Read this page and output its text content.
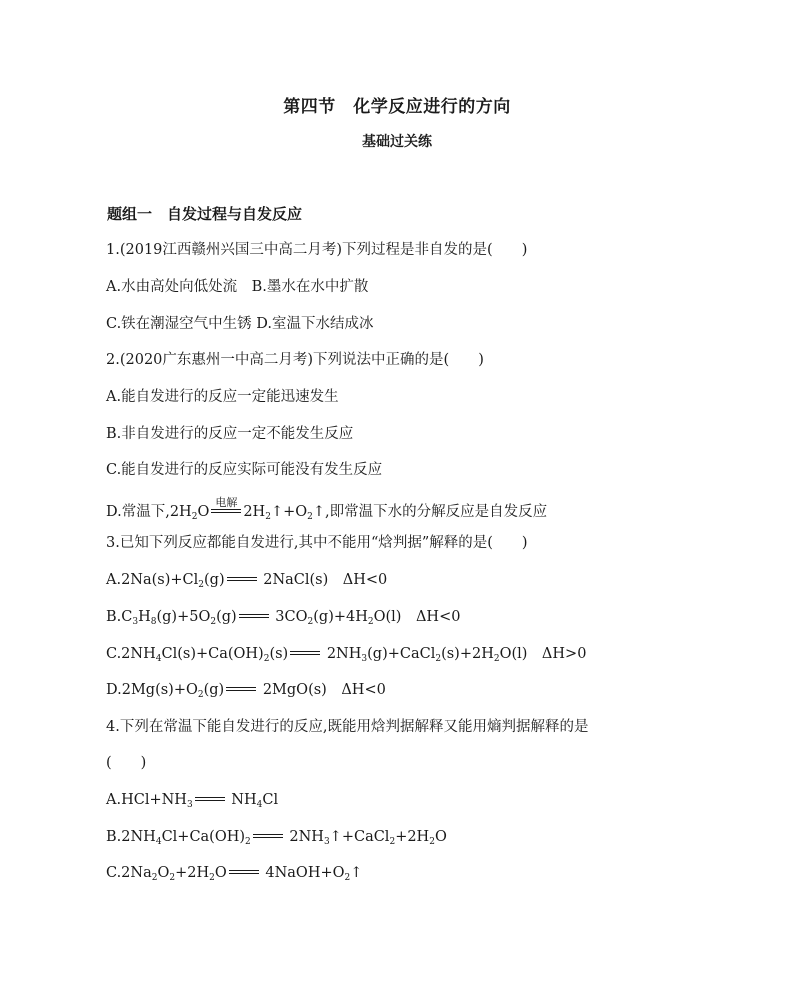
第四节　化学反应进行的方向
基础过关练
题组一　自发过程与自发反应
1.(2019江西赣州兴国三中高二月考)下列过程是非自发的是(　　)
A.水由高处向低处流　B.墨水在水中扩散
C.铁在潮湿空气中生锈 D.室温下水结成冰
2.(2020广东惠州一中高二月考)下列说法中正确的是(　　)
A.能自发进行的反应一定能迅速发生
B.非自发进行的反应一定不能发生反应
C.能自发进行的反应实际可能没有发生反应
D.常温下$,2H_2O$
电解
$2H_2↑+O_2↑$,即常温下水的分解反应是自发反应
3.已知下列反应都能自发进行,其中不能用“焓判据”解释的是(　　)
$A.2Na(s)+Cl_2(g)$	2NaCl(s)　ΔH<0
$B.C_3H_8(g)+5O_2(g)$	$3CO_2(g)+4H_2O(l)$　ΔH<0
$C.2NH_4Cl(s)+Ca(OH)_2(s)$	$2NH_3(g)+CaCl_2(s)+2H_2O(l)$　ΔH>0
$D.2Mg(s)+O_2(g)$	2MgO(s)　ΔH<0
4.下列在常温下能自发进行的反应,既能用焓判据解释又能用熵判据解释的是
(　　)
$A.HCl+NH_3$	$NH_4Cl$
$B.2NH_4Cl+Ca(OH)_2$	$2NH_3↑+CaCl_2+2H_2O$
$C.2Na_2O_2+2H_2O$	$4NaOH+O_2↑$
